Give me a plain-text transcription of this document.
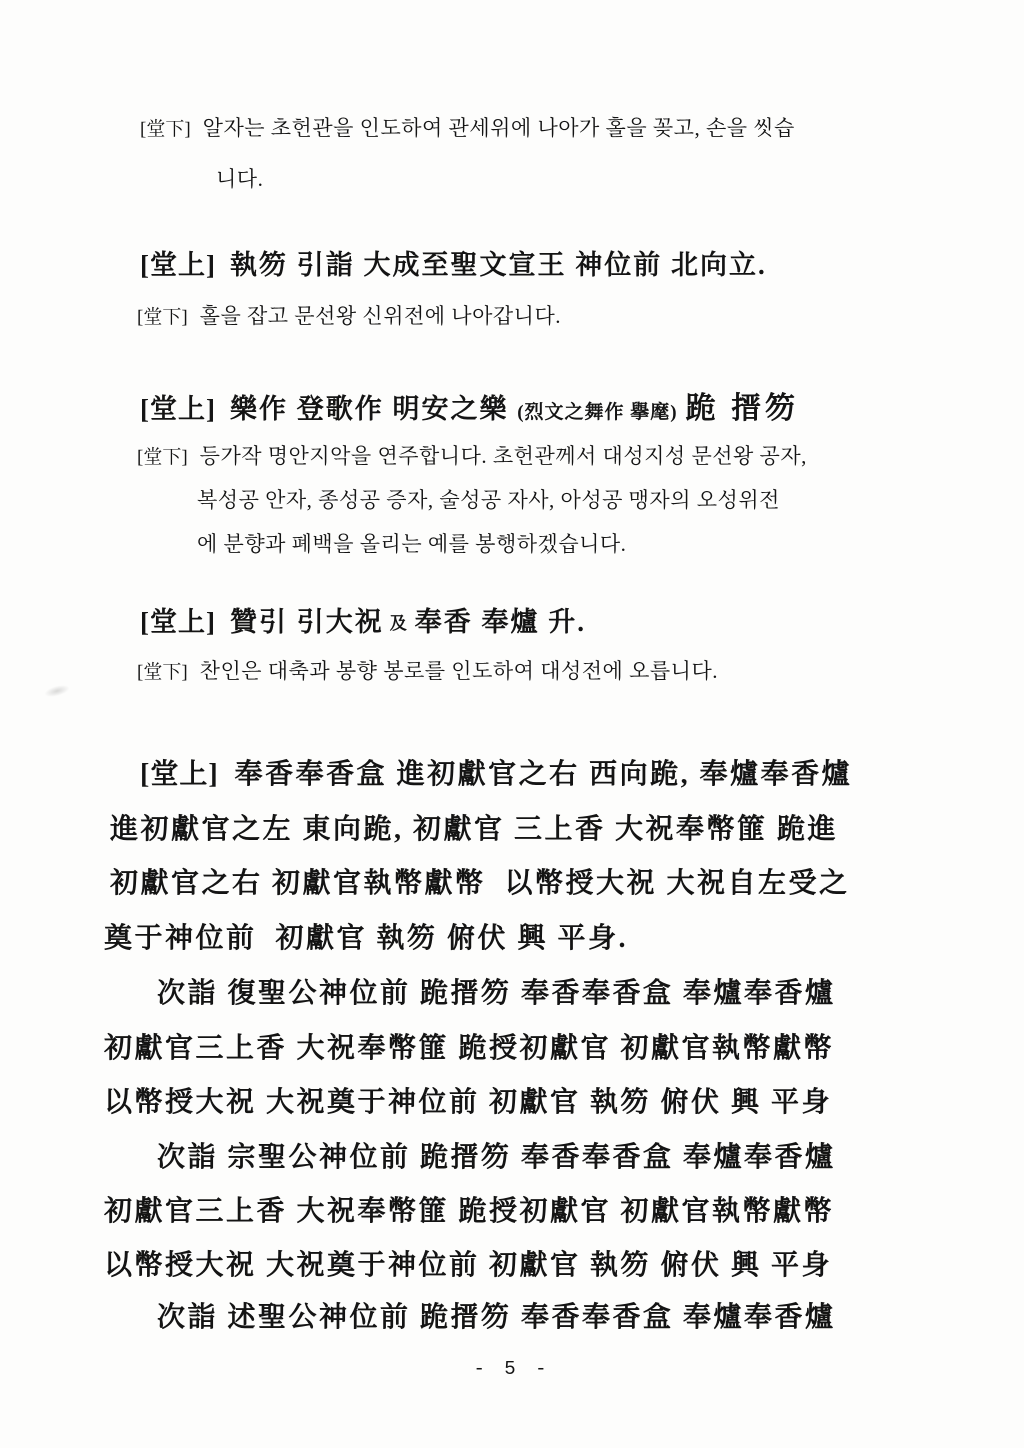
[堂下] 알자는 초헌관을 인도하여 관세위에 나아가 홀을 꽂고, 손을 씻습
니다.
[堂上] 執笏 引詣 大成至聖文宣王 神位前 北向立.
[堂下] 홀을 잡고 문선왕 신위전에 나아갑니다.
[堂上] 樂作 登歌作 明安之樂 (烈文之舞作 擧麾) 跪 搢笏
[堂下] 등가작 명안지악을 연주합니다. 초헌관께서 대성지성 문선왕 공자,
복성공 안자, 종성공 증자, 술성공 자사, 아성공 맹자의 오성위전
에 분향과 폐백을 올리는 예를 봉행하겠습니다.
[堂上] 贊引 引大祝 及 奉香 奉爐 升.
[堂下] 찬인은 대축과 봉향 봉로를 인도하여 대성전에 오릅니다.
[堂上] 奉香奉香盒 進初獻官之右 西向跪, 奉爐奉香爐
進初獻官之左 東向跪, 初獻官 三上香 大祝奉幣篚 跪進
初獻官之右 初獻官執幣獻幣  以幣授大祝 大祝自左受之
奠于神位前  初獻官 執笏 俯伏 興 平身.
次詣 復聖公神位前 跪搢笏 奉香奉香盒 奉爐奉香爐
初獻官三上香 大祝奉幣篚 跪授初獻官 初獻官執幣獻幣
以幣授大祝 大祝奠于神位前 初獻官 執笏 俯伏 興 平身
次詣 宗聖公神位前 跪搢笏 奉香奉香盒 奉爐奉香爐
初獻官三上香 大祝奉幣篚 跪授初獻官 初獻官執幣獻幣
以幣授大祝 大祝奠于神位前 初獻官 執笏 俯伏 興 平身
次詣 述聖公神位前 跪搢笏 奉香奉香盒 奉爐奉香爐
- 5 -
